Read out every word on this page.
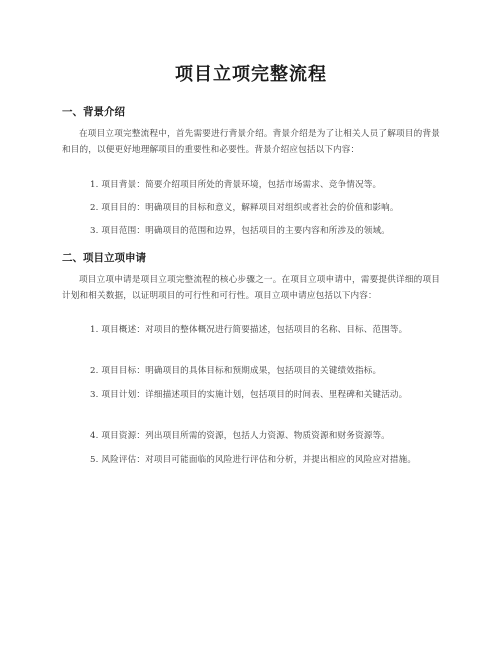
项目立项完整流程
一、背景介绍
在项目立项完整流程中，首先需要进行背景介绍。背景介绍是为了让相关人员了解项目的背景和目的，以便更好地理解项目的重要性和必要性。背景介绍应包括以下内容：
1. 项目背景：简要介绍项目所处的背景环境，包括市场需求、竞争情况等。
2. 项目目的：明确项目的目标和意义，解释项目对组织或者社会的价值和影响。
3. 项目范围：明确项目的范围和边界，包括项目的主要内容和所涉及的领域。
二、项目立项申请
项目立项申请是项目立项完整流程的核心步骤之一。在项目立项申请中，需要提供详细的项目计划和相关数据，以证明项目的可行性和可行性。项目立项申请应包括以下内容：
1. 项目概述：对项目的整体概况进行简要描述，包括项目的名称、目标、范围等。
2. 项目目标：明确项目的具体目标和预期成果，包括项目的关键绩效指标。
3. 项目计划：详细描述项目的实施计划，包括项目的时间表、里程碑和关键活动。
4. 项目资源：列出项目所需的资源，包括人力资源、物质资源和财务资源等。
5. 风险评估：对项目可能面临的风险进行评估和分析，并提出相应的风险应对措施。
